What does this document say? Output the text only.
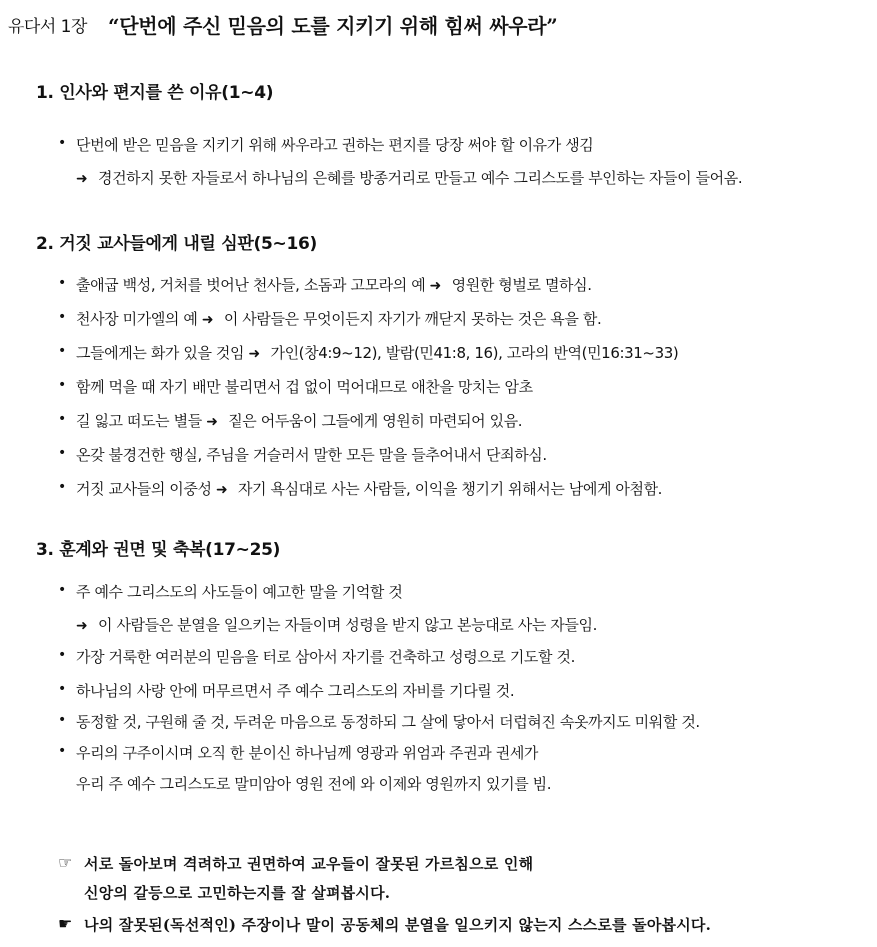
유다서 1장 “단번에 주신 믿음의 도를 지키기 위해 힘써 싸우라”
1. 인사와 편지를 쓴 이유(1~4)
• 단번에 받은 믿음을 지키기 위해 싸우라고 권하는 편지를 당장 써야 할 이유가 생김
➜ 경건하지 못한 자들로서 하나님의 은혜를 방종거리로 만들고 예수 그리스도를 부인하는 자들이 들어옴.
2. 거짓 교사들에게 내릴 심판(5~16)
• 출애굽 백성, 거처를 벗어난 천사들, 소돔과 고모라의 예 ➜ 영원한 형벌로 멸하심.
• 천사장 미가엘의 예 ➜ 이 사람들은 무엇이든지 자기가 깨닫지 못하는 것은 욕을 함.
• 그들에게는 화가 있을 것임 ➜ 가인(창4:9~12), 발람(민41:8, 16), 고라의 반역(민16:31~33)
• 함께 먹을 때 자기 배만 불리면서 겁 없이 먹어대므로 애찬을 망치는 암초
• 길 잃고 떠도는 별들 ➜ 짙은 어두움이 그들에게 영원히 마련되어 있음.
• 온갖 불경건한 행실, 주님을 거슬러서 말한 모든 말을 들추어내서 단죄하심.
• 거짓 교사들의 이중성 ➜ 자기 욕심대로 사는 사람들, 이익을 챙기기 위해서는 남에게 아첨함.
3. 훈계와 권면 및 축복(17~25)
• 주 예수 그리스도의 사도들이 예고한 말을 기억할 것
➜ 이 사람들은 분열을 일으키는 자들이며 성령을 받지 않고 본능대로 사는 자들임.
• 가장 거룩한 여러분의 믿음을 터로 삼아서 자기를 건축하고 성령으로 기도할 것.
• 하나님의 사랑 안에 머무르면서 주 예수 그리스도의 자비를 기다릴 것.
• 동정할 것, 구원해 줄 것, 두려운 마음으로 동정하되 그 살에 닿아서 더럽혀진 속옷까지도 미워할 것.
• 우리의 구주이시며 오직 한 분이신 하나님께 영광과 위엄과 주권과 권세가
우리 주 예수 그리스도로 말미암아 영원 전에 와 이제와 영원까지 있기를 빔.
☞ 서로 돌아보며 격려하고 권면하여 교우들이 잘못된 가르침으로 인해
신앙의 갈등으로 고민하는지를 잘 살펴봅시다.
☛ 나의 잘못된(독선적인) 주장이나 말이 공동체의 분열을 일으키지 않는지 스스로를 돌아봅시다.
